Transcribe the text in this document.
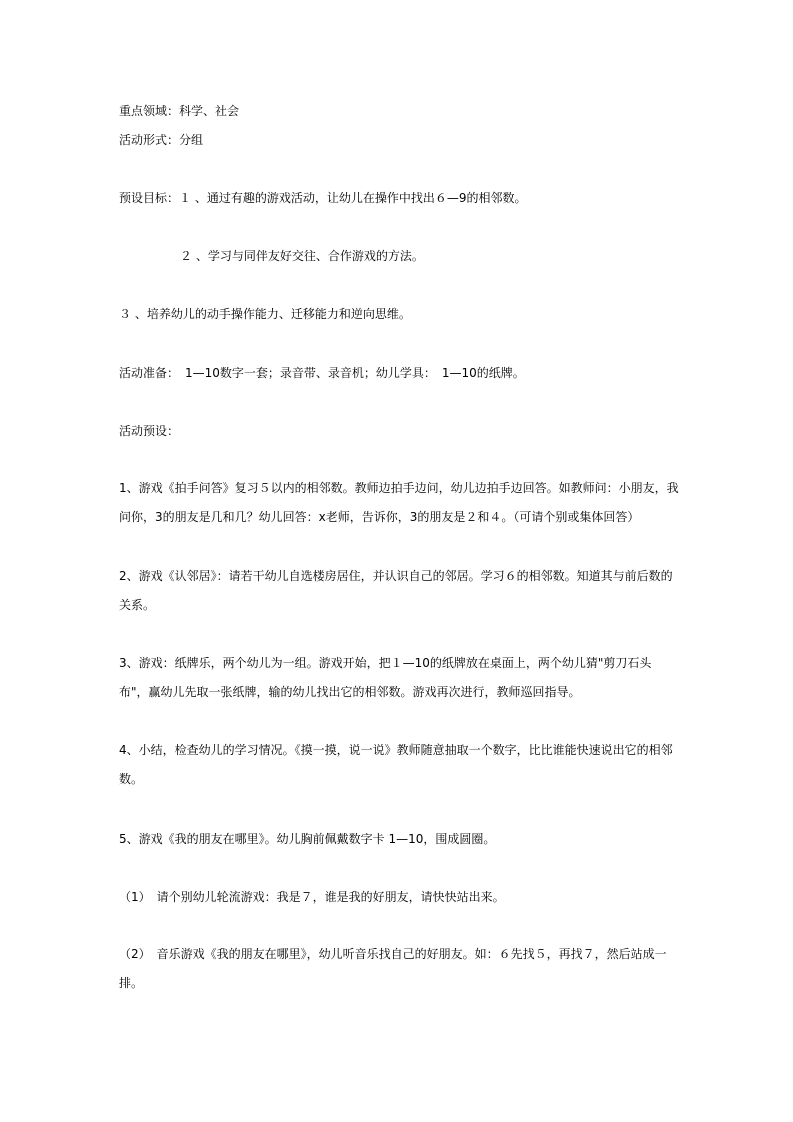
重点领域：科学、社会
活动形式：分组
预设目标：１ 、通过有趣的游戏活动，让幼儿在操作中找出６—9的相邻数。
２ 、学习与同伴友好交往、合作游戏的方法。
３ 、培养幼儿的动手操作能力、迁移能力和逆向思维。
活动准备：　1—10数字一套；录音带、录音机；幼儿学具：　1—10的纸牌。
活动预设：
1、游戏《拍手问答》复习５以内的相邻数。教师边拍手边问，幼儿边拍手边回答。如教师问：小朋友，我问你，3的朋友是几和几？幼儿回答：x老师，告诉你，3的朋友是２和４。（可请个别或集体回答）
2、游戏《认邻居》：请若干幼儿自选楼房居住，并认识自己的邻居。学习６的相邻数。知道其与前后数的关系。
3、游戏：纸牌乐，两个幼儿为一组。游戏开始，把１—10的纸牌放在桌面上，两个幼儿猜"剪刀石头布"，赢幼儿先取一张纸牌，输的幼儿找出它的相邻数。游戏再次进行，教师巡回指导。
4、小结，检查幼儿的学习情况。《摸一摸，说一说》教师随意抽取一个数字，比比谁能快速说出它的相邻数。
5、游戏《我的朋友在哪里》。幼儿胸前佩戴数字卡 1—10，围成圆圈。
（1）　请个别幼儿轮流游戏：我是７，谁是我的好朋友，请快快站出来。
（2）　音乐游戏《我的朋友在哪里》，幼儿听音乐找自己的好朋友。如：６先找５，再找７，然后站成一排。
